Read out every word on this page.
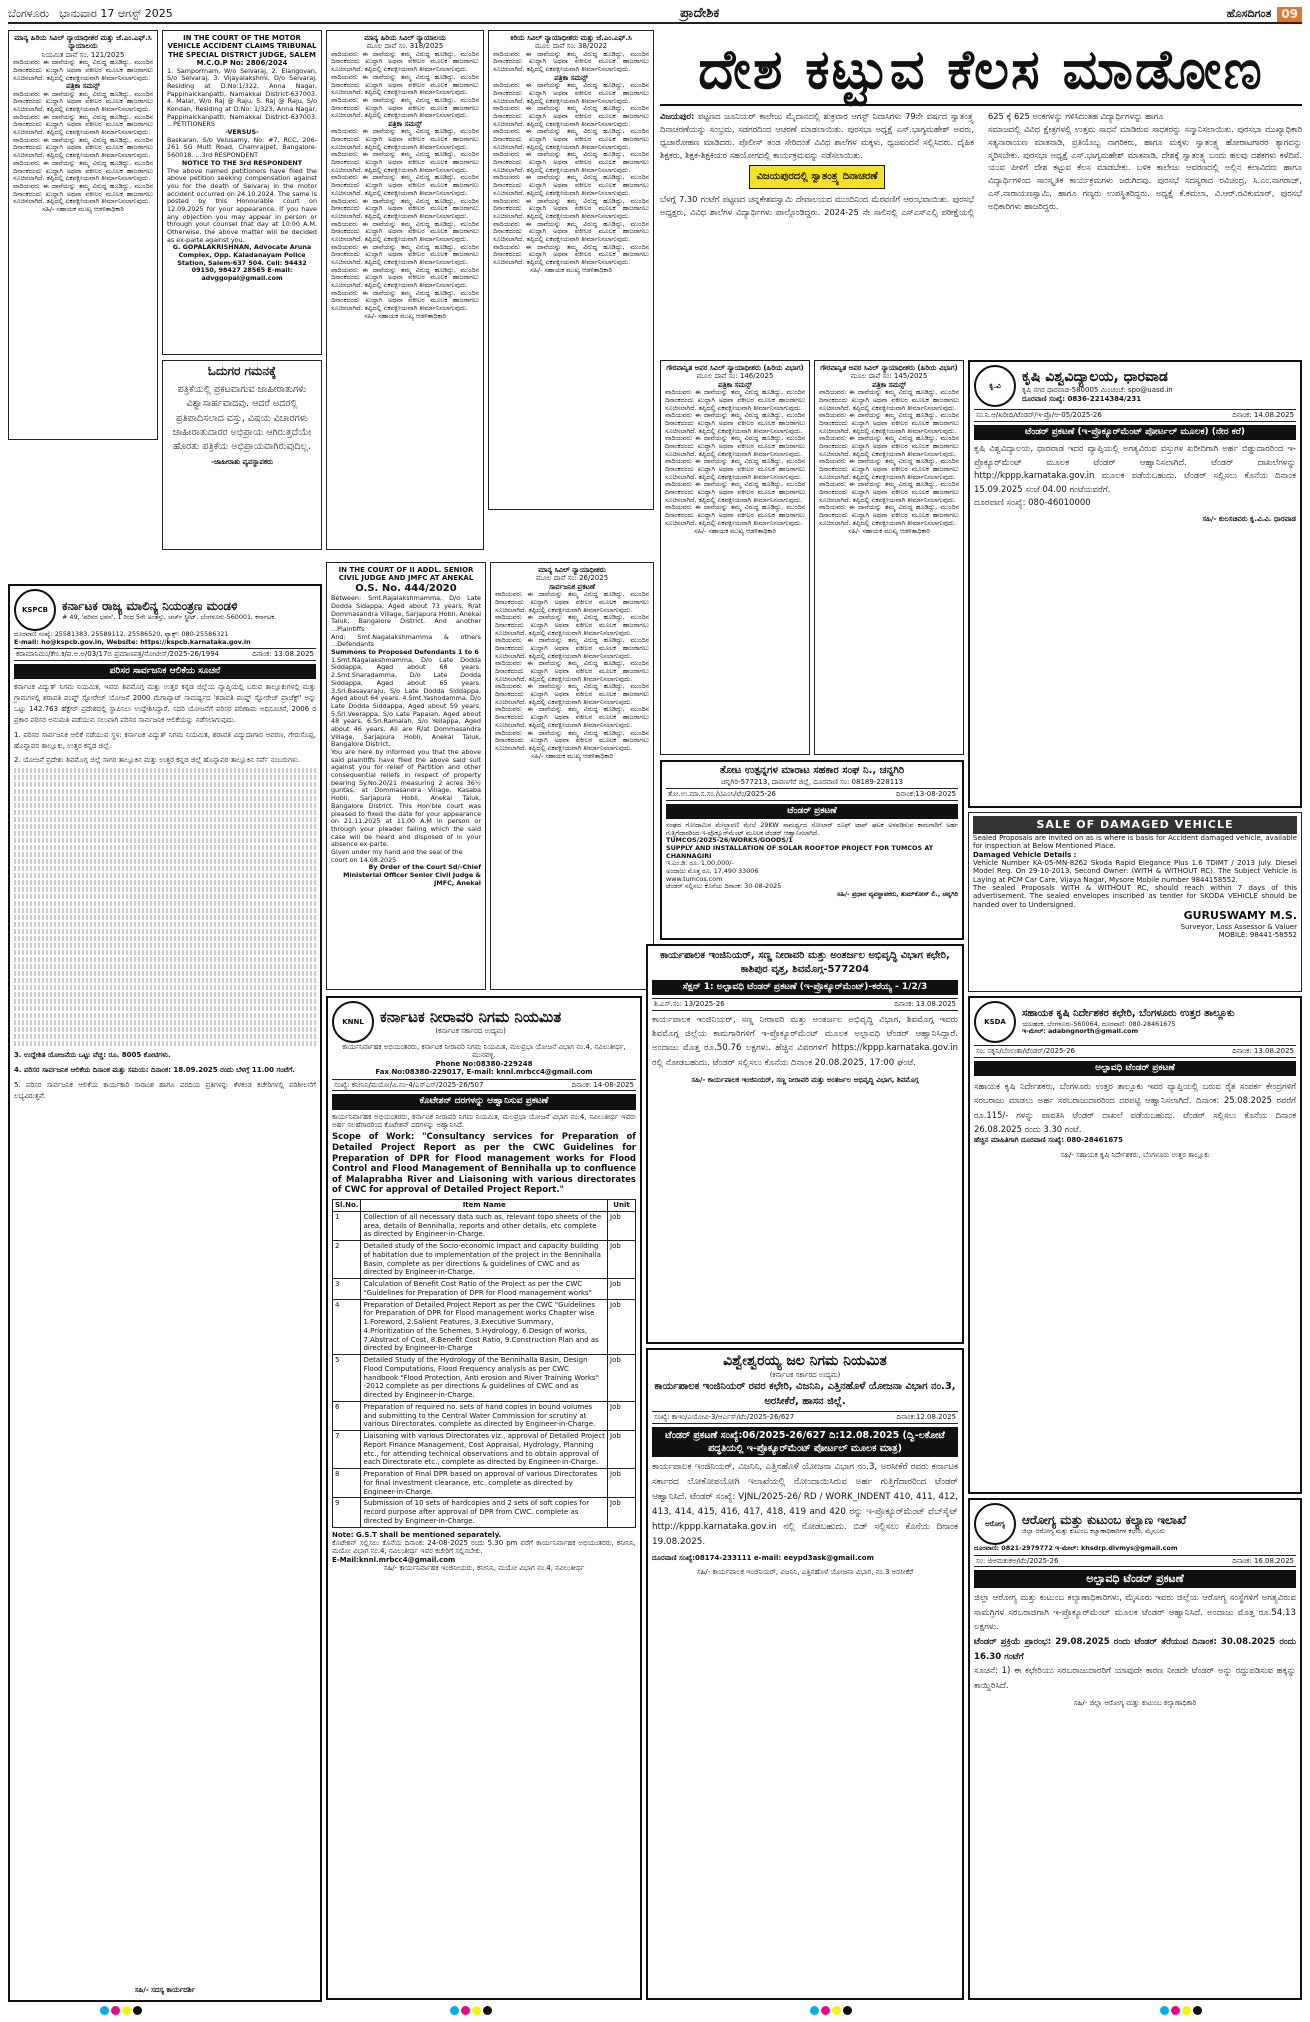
ಬೆಂಗಳೂರು ಭಾನುವಾರ 17 ಆಗಸ್ಟ್ 2025	ಪ್ರಾದೇಶಿಕ	ಹೊಸದಿಗಂತ 09
ಮಾನ್ಯ ಹಿರಿಯ ಸಿವಿಲ್ ನ್ಯಾಯಾಧೀಶರ ಮತ್ತು ಜೆ.ಎಂ.ಎಫ್.ಸಿ ನ್ಯಾಯಾಲಯ
ನಿಯಮಿತ ದಾವೆ ಸಂ. 121/2025
ವಾದಿಯವರು ಈ ದಾವೆಯನ್ನು ತಮ್ಮ ವಿರುದ್ಧ ಹೂಡಿದ್ದು, ಮುಂದಿನ ದಿನಾಂಕದಂದು ಖುದ್ದಾಗಿ ಅಥವಾ ವಕೀಲರ ಮೂಲಕ ಹಾಜರಾಗಲು ಸೂಚಿಸಲಾಗಿದೆ. ತಪ್ಪಿದಲ್ಲಿ ಏಕಪಕ್ಷೀಯವಾಗಿ ತೀರ್ಮಾನಿಸಲಾಗುವುದು.
ಪತ್ರಿಕಾ ಸಮನ್ಸ್
ವಾದಿಯವರು ಈ ದಾವೆಯನ್ನು ತಮ್ಮ ವಿರುದ್ಧ ಹೂಡಿದ್ದು, ಮುಂದಿನ ದಿನಾಂಕದಂದು ಖುದ್ದಾಗಿ ಅಥವಾ ವಕೀಲರ ಮೂಲಕ ಹಾಜರಾಗಲು ಸೂಚಿಸಲಾಗಿದೆ. ತಪ್ಪಿದಲ್ಲಿ ಏಕಪಕ್ಷೀಯವಾಗಿ ತೀರ್ಮಾನಿಸಲಾಗುವುದು.
ವಾದಿಯವರು ಈ ದಾವೆಯನ್ನು ತಮ್ಮ ವಿರುದ್ಧ ಹೂಡಿದ್ದು, ಮುಂದಿನ ದಿನಾಂಕದಂದು ಖುದ್ದಾಗಿ ಅಥವಾ ವಕೀಲರ ಮೂಲಕ ಹಾಜರಾಗಲು ಸೂಚಿಸಲಾಗಿದೆ. ತಪ್ಪಿದಲ್ಲಿ ಏಕಪಕ್ಷೀಯವಾಗಿ ತೀರ್ಮಾನಿಸಲಾಗುವುದು.
ವಾದಿಯವರು ಈ ದಾವೆಯನ್ನು ತಮ್ಮ ವಿರುದ್ಧ ಹೂಡಿದ್ದು, ಮುಂದಿನ ದಿನಾಂಕದಂದು ಖುದ್ದಾಗಿ ಅಥವಾ ವಕೀಲರ ಮೂಲಕ ಹಾಜರಾಗಲು ಸೂಚಿಸಲಾಗಿದೆ. ತಪ್ಪಿದಲ್ಲಿ ಏಕಪಕ್ಷೀಯವಾಗಿ ತೀರ್ಮಾನಿಸಲಾಗುವುದು.
ವಾದಿಯವರು ಈ ದಾವೆಯನ್ನು ತಮ್ಮ ವಿರುದ್ಧ ಹೂಡಿದ್ದು, ಮುಂದಿನ ದಿನಾಂಕದಂದು ಖುದ್ದಾಗಿ ಅಥವಾ ವಕೀಲರ ಮೂಲಕ ಹಾಜರಾಗಲು ಸೂಚಿಸಲಾಗಿದೆ. ತಪ್ಪಿದಲ್ಲಿ ಏಕಪಕ್ಷೀಯವಾಗಿ ತೀರ್ಮಾನಿಸಲಾಗುವುದು.
ವಾದಿಯವರು ಈ ದಾವೆಯನ್ನು ತಮ್ಮ ವಿರುದ್ಧ ಹೂಡಿದ್ದು, ಮುಂದಿನ ದಿನಾಂಕದಂದು ಖುದ್ದಾಗಿ ಅಥವಾ ವಕೀಲರ ಮೂಲಕ ಹಾಜರಾಗಲು ಸೂಚಿಸಲಾಗಿದೆ. ತಪ್ಪಿದಲ್ಲಿ ಏಕಪಕ್ಷೀಯವಾಗಿ ತೀರ್ಮಾನಿಸಲಾಗುವುದು.
ಸಹಿ/- ಸಹಾಯಕ ಮುಖ್ಯ ಆಡಳಿತಾಧಿಕಾರಿ
IN THE COURT OF THE MOTOR VEHICLE ACCIDENT CLAIMS TRIBUNAL THE SPECIAL DISTRICT JUDGE, SALEM
M.C.O.P No: 2806/2024
1. Samporrnam, W/o Selvaraj, 2. Elangovan, S/o Selvaraj, 3. Vijayalakshmi, D/o Selvaraj, Residing at D.No:1/322, Anna Nagar, Pappinaickanpatti, Namakkal District-637003. 4. Malar, W/o Raj @ Raju, 5. Raj @ Raju, S/o Kondan, Residing at D.No: 1/323, Anna Nagar, Pappinaickanpatti, Namakkal District-637003. ...PETITIONERS
-VERSUS-
Baskaran, S/o Velusamy, No: #7, RCC, 206-261 SG Mutt Road, Chamrajpet, Bangalore-560018. ...3rd RESPONDENT
NOTICE TO THE 3rd RESPONDENT
The above named petitioners have filed the above petition seeking compensation against you for the death of Selvaraj in the motor accident occurred on 24.10.2024. The same is posted by this Honourable court on 12.09.2025 for your appearance. If you have any objection you may appear in person or through your counsel that day at 10:00 A.M. Otherwise, the above matter will be decided as ex-parte against you.
G. GOPALAKRISHNAN, Advocate Aruna Complex, Opp. Kaladanayam Police Station, Salem-637 504. Cell: 94432 09150, 98427 28565 E-mail: advggopal@gmail.com
ಓದುಗರ ಗಮನಕ್ಕೆ
ಪತ್ರಿಕೆಯಲ್ಲಿ ಪ್ರಕಟವಾಗುವ ಜಾಹೀರಾತುಗಳು ವಿಶ್ವಾಸಾರ್ಹವಾದವು. ಆದರೆ ಅದರಲ್ಲಿ ಪ್ರತಿಪಾದಿಸಲಾದ ವಸ್ತು, ವಿಷಯ ವಿಚಾರಗಳು ಜಾಹೀರಾತುದಾರರ ಅಭಿಪ್ರಾಯ ಆಗಿರುತ್ತದೆಯೇ ಹೊರತು ಪತ್ರಿಕೆಯ ಅಭಿಪ್ರಾಯವಾಗಿರುವುದಿಲ್ಲ.
-ಜಾಹೀರಾತು ವ್ಯವಸ್ಥಾಪಕರು
ಮಾನ್ಯ ಹಿರಿಯ ಸಿವಿಲ್ ನ್ಯಾಯಾಲಯ
ಮೂಲ ದಾವೆ ಸಂ. 318/2025
ವಾದಿಯವರು ಈ ದಾವೆಯನ್ನು ತಮ್ಮ ವಿರುದ್ಧ ಹೂಡಿದ್ದು, ಮುಂದಿನ ದಿನಾಂಕದಂದು ಖುದ್ದಾಗಿ ಅಥವಾ ವಕೀಲರ ಮೂಲಕ ಹಾಜರಾಗಲು ಸೂಚಿಸಲಾಗಿದೆ. ತಪ್ಪಿದಲ್ಲಿ ಏಕಪಕ್ಷೀಯವಾಗಿ ತೀರ್ಮಾನಿಸಲಾಗುವುದು.
ವಾದಿಯವರು ಈ ದಾವೆಯನ್ನು ತಮ್ಮ ವಿರುದ್ಧ ಹೂಡಿದ್ದು, ಮುಂದಿನ ದಿನಾಂಕದಂದು ಖುದ್ದಾಗಿ ಅಥವಾ ವಕೀಲರ ಮೂಲಕ ಹಾಜರಾಗಲು ಸೂಚಿಸಲಾಗಿದೆ. ತಪ್ಪಿದಲ್ಲಿ ಏಕಪಕ್ಷೀಯವಾಗಿ ತೀರ್ಮಾನಿಸಲಾಗುವುದು.
ವಾದಿಯವರು ಈ ದಾವೆಯನ್ನು ತಮ್ಮ ವಿರುದ್ಧ ಹೂಡಿದ್ದು, ಮುಂದಿನ ದಿನಾಂಕದಂದು ಖುದ್ದಾಗಿ ಅಥವಾ ವಕೀಲರ ಮೂಲಕ ಹಾಜರಾಗಲು ಸೂಚಿಸಲಾಗಿದೆ. ತಪ್ಪಿದಲ್ಲಿ ಏಕಪಕ್ಷೀಯವಾಗಿ ತೀರ್ಮಾನಿಸಲಾಗುವುದು.
ಪತ್ರಿಕಾ ಸಮನ್ಸ್
ವಾದಿಯವರು ಈ ದಾವೆಯನ್ನು ತಮ್ಮ ವಿರುದ್ಧ ಹೂಡಿದ್ದು, ಮುಂದಿನ ದಿನಾಂಕದಂದು ಖುದ್ದಾಗಿ ಅಥವಾ ವಕೀಲರ ಮೂಲಕ ಹಾಜರಾಗಲು ಸೂಚಿಸಲಾಗಿದೆ. ತಪ್ಪಿದಲ್ಲಿ ಏಕಪಕ್ಷೀಯವಾಗಿ ತೀರ್ಮಾನಿಸಲಾಗುವುದು.
ವಾದಿಯವರು ಈ ದಾವೆಯನ್ನು ತಮ್ಮ ವಿರುದ್ಧ ಹೂಡಿದ್ದು, ಮುಂದಿನ ದಿನಾಂಕದಂದು ಖುದ್ದಾಗಿ ಅಥವಾ ವಕೀಲರ ಮೂಲಕ ಹಾಜರಾಗಲು ಸೂಚಿಸಲಾಗಿದೆ. ತಪ್ಪಿದಲ್ಲಿ ಏಕಪಕ್ಷೀಯವಾಗಿ ತೀರ್ಮಾನಿಸಲಾಗುವುದು.
ವಾದಿಯವರು ಈ ದಾವೆಯನ್ನು ತಮ್ಮ ವಿರುದ್ಧ ಹೂಡಿದ್ದು, ಮುಂದಿನ ದಿನಾಂಕದಂದು ಖುದ್ದಾಗಿ ಅಥವಾ ವಕೀಲರ ಮೂಲಕ ಹಾಜರಾಗಲು ಸೂಚಿಸಲಾಗಿದೆ. ತಪ್ಪಿದಲ್ಲಿ ಏಕಪಕ್ಷೀಯವಾಗಿ ತೀರ್ಮಾನಿಸಲಾಗುವುದು.
ವಾದಿಯವರು ಈ ದಾವೆಯನ್ನು ತಮ್ಮ ವಿರುದ್ಧ ಹೂಡಿದ್ದು, ಮುಂದಿನ ದಿನಾಂಕದಂದು ಖುದ್ದಾಗಿ ಅಥವಾ ವಕೀಲರ ಮೂಲಕ ಹಾಜರಾಗಲು ಸೂಚಿಸಲಾಗಿದೆ. ತಪ್ಪಿದಲ್ಲಿ ಏಕಪಕ್ಷೀಯವಾಗಿ ತೀರ್ಮಾನಿಸಲಾಗುವುದು.
ವಾದಿಯವರು ಈ ದಾವೆಯನ್ನು ತಮ್ಮ ವಿರುದ್ಧ ಹೂಡಿದ್ದು, ಮುಂದಿನ ದಿನಾಂಕದಂದು ಖುದ್ದಾಗಿ ಅಥವಾ ವಕೀಲರ ಮೂಲಕ ಹಾಜರಾಗಲು ಸೂಚಿಸಲಾಗಿದೆ. ತಪ್ಪಿದಲ್ಲಿ ಏಕಪಕ್ಷೀಯವಾಗಿ ತೀರ್ಮಾನಿಸಲಾಗುವುದು.
ವಾದಿಯವರು ಈ ದಾವೆಯನ್ನು ತಮ್ಮ ವಿರುದ್ಧ ಹೂಡಿದ್ದು, ಮುಂದಿನ ದಿನಾಂಕದಂದು ಖುದ್ದಾಗಿ ಅಥವಾ ವಕೀಲರ ಮೂಲಕ ಹಾಜರಾಗಲು ಸೂಚಿಸಲಾಗಿದೆ. ತಪ್ಪಿದಲ್ಲಿ ಏಕಪಕ್ಷೀಯವಾಗಿ ತೀರ್ಮಾನಿಸಲಾಗುವುದು.
ವಾದಿಯವರು ಈ ದಾವೆಯನ್ನು ತಮ್ಮ ವಿರುದ್ಧ ಹೂಡಿದ್ದು, ಮುಂದಿನ ದಿನಾಂಕದಂದು ಖುದ್ದಾಗಿ ಅಥವಾ ವಕೀಲರ ಮೂಲಕ ಹಾಜರಾಗಲು ಸೂಚಿಸಲಾಗಿದೆ. ತಪ್ಪಿದಲ್ಲಿ ಏಕಪಕ್ಷೀಯವಾಗಿ ತೀರ್ಮಾನಿಸಲಾಗುವುದು.
ವಾದಿಯವರು ಈ ದಾವೆಯನ್ನು ತಮ್ಮ ವಿರುದ್ಧ ಹೂಡಿದ್ದು, ಮುಂದಿನ ದಿನಾಂಕದಂದು ಖುದ್ದಾಗಿ ಅಥವಾ ವಕೀಲರ ಮೂಲಕ ಹಾಜರಾಗಲು ಸೂಚಿಸಲಾಗಿದೆ. ತಪ್ಪಿದಲ್ಲಿ ಏಕಪಕ್ಷೀಯವಾಗಿ ತೀರ್ಮಾನಿಸಲಾಗುವುದು.
ಸಹಿ/- ಸಹಾಯಕ ಮುಖ್ಯ ಆಡಳಿತಾಧಿಕಾರಿ
ಕಿರಿಯ ಸಿವಿಲ್ ನ್ಯಾಯಾಧೀಶರು ಮತ್ತು ಜೆ.ಎಂ.ಎಫ್.ಸಿ
ಮೂಲ ದಾವೆ ಸಂ. 38/2022
ವಾದಿಯವರು ಈ ದಾವೆಯನ್ನು ತಮ್ಮ ವಿರುದ್ಧ ಹೂಡಿದ್ದು, ಮುಂದಿನ ದಿನಾಂಕದಂದು ಖುದ್ದಾಗಿ ಅಥವಾ ವಕೀಲರ ಮೂಲಕ ಹಾಜರಾಗಲು ಸೂಚಿಸಲಾಗಿದೆ. ತಪ್ಪಿದಲ್ಲಿ ಏಕಪಕ್ಷೀಯವಾಗಿ ತೀರ್ಮಾನಿಸಲಾಗುವುದು.
ಪತ್ರಿಕಾ ಸಮನ್ಸ್
ವಾದಿಯವರು ಈ ದಾವೆಯನ್ನು ತಮ್ಮ ವಿರುದ್ಧ ಹೂಡಿದ್ದು, ಮುಂದಿನ ದಿನಾಂಕದಂದು ಖುದ್ದಾಗಿ ಅಥವಾ ವಕೀಲರ ಮೂಲಕ ಹಾಜರಾಗಲು ಸೂಚಿಸಲಾಗಿದೆ. ತಪ್ಪಿದಲ್ಲಿ ಏಕಪಕ್ಷೀಯವಾಗಿ ತೀರ್ಮಾನಿಸಲಾಗುವುದು.
ವಾದಿಯವರು ಈ ದಾವೆಯನ್ನು ತಮ್ಮ ವಿರುದ್ಧ ಹೂಡಿದ್ದು, ಮುಂದಿನ ದಿನಾಂಕದಂದು ಖುದ್ದಾಗಿ ಅಥವಾ ವಕೀಲರ ಮೂಲಕ ಹಾಜರಾಗಲು ಸೂಚಿಸಲಾಗಿದೆ. ತಪ್ಪಿದಲ್ಲಿ ಏಕಪಕ್ಷೀಯವಾಗಿ ತೀರ್ಮಾನಿಸಲಾಗುವುದು.
ವಾದಿಯವರು ಈ ದಾವೆಯನ್ನು ತಮ್ಮ ವಿರುದ್ಧ ಹೂಡಿದ್ದು, ಮುಂದಿನ ದಿನಾಂಕದಂದು ಖುದ್ದಾಗಿ ಅಥವಾ ವಕೀಲರ ಮೂಲಕ ಹಾಜರಾಗಲು ಸೂಚಿಸಲಾಗಿದೆ. ತಪ್ಪಿದಲ್ಲಿ ಏಕಪಕ್ಷೀಯವಾಗಿ ತೀರ್ಮಾನಿಸಲಾಗುವುದು.
ವಾದಿಯವರು ಈ ದಾವೆಯನ್ನು ತಮ್ಮ ವಿರುದ್ಧ ಹೂಡಿದ್ದು, ಮುಂದಿನ ದಿನಾಂಕದಂದು ಖುದ್ದಾಗಿ ಅಥವಾ ವಕೀಲರ ಮೂಲಕ ಹಾಜರಾಗಲು ಸೂಚಿಸಲಾಗಿದೆ. ತಪ್ಪಿದಲ್ಲಿ ಏಕಪಕ್ಷೀಯವಾಗಿ ತೀರ್ಮಾನಿಸಲಾಗುವುದು.
ವಾದಿಯವರು ಈ ದಾವೆಯನ್ನು ತಮ್ಮ ವಿರುದ್ಧ ಹೂಡಿದ್ದು, ಮುಂದಿನ ದಿನಾಂಕದಂದು ಖುದ್ದಾಗಿ ಅಥವಾ ವಕೀಲರ ಮೂಲಕ ಹಾಜರಾಗಲು ಸೂಚಿಸಲಾಗಿದೆ. ತಪ್ಪಿದಲ್ಲಿ ಏಕಪಕ್ಷೀಯವಾಗಿ ತೀರ್ಮಾನಿಸಲಾಗುವುದು.
ವಾದಿಯವರು ಈ ದಾವೆಯನ್ನು ತಮ್ಮ ವಿರುದ್ಧ ಹೂಡಿದ್ದು, ಮುಂದಿನ ದಿನಾಂಕದಂದು ಖುದ್ದಾಗಿ ಅಥವಾ ವಕೀಲರ ಮೂಲಕ ಹಾಜರಾಗಲು ಸೂಚಿಸಲಾಗಿದೆ. ತಪ್ಪಿದಲ್ಲಿ ಏಕಪಕ್ಷೀಯವಾಗಿ ತೀರ್ಮಾನಿಸಲಾಗುವುದು.
ವಾದಿಯವರು ಈ ದಾವೆಯನ್ನು ತಮ್ಮ ವಿರುದ್ಧ ಹೂಡಿದ್ದು, ಮುಂದಿನ ದಿನಾಂಕದಂದು ಖುದ್ದಾಗಿ ಅಥವಾ ವಕೀಲರ ಮೂಲಕ ಹಾಜರಾಗಲು ಸೂಚಿಸಲಾಗಿದೆ. ತಪ್ಪಿದಲ್ಲಿ ಏಕಪಕ್ಷೀಯವಾಗಿ ತೀರ್ಮಾನಿಸಲಾಗುವುದು.
ವಾದಿಯವರು ಈ ದಾವೆಯನ್ನು ತಮ್ಮ ವಿರುದ್ಧ ಹೂಡಿದ್ದು, ಮುಂದಿನ ದಿನಾಂಕದಂದು ಖುದ್ದಾಗಿ ಅಥವಾ ವಕೀಲರ ಮೂಲಕ ಹಾಜರಾಗಲು ಸೂಚಿಸಲಾಗಿದೆ. ತಪ್ಪಿದಲ್ಲಿ ಏಕಪಕ್ಷೀಯವಾಗಿ ತೀರ್ಮಾನಿಸಲಾಗುವುದು.
ಸಹಿ/- ಸಹಾಯಕ ಮುಖ್ಯ ಆಡಳಿತಾಧಿಕಾರಿ
ದೇಶ ಕಟ್ಟುವ ಕೆಲಸ ಮಾಡೋಣ

ವಿಜಯಪುರ: ಪಟ್ಟಣದ ಜೂನಿಯರ್ ಕಾಲೇಜು ಮೈದಾನದಲ್ಲಿ ಶುಕ್ರವಾರ ಆಗಸ್ಟ್ ನಿವಾಸಿಗಳು 79ನೇ ವರ್ಷದ ಸ್ವಾತಂತ್ರ್ಯ ದಿನಾಚರಣೆಯನ್ನು ಸಂಭ್ರಮ, ಸಡಗರದಿಂದ ಆಚರಣೆ ಮಾಡಲಾಯಿತು. ಪುರಸಭಾ ಅಧ್ಯಕ್ಷೆ ಎಸ್.ಭಾಗ್ಯಮಹೇಶ್ ಅವರು, ಧ್ವಜಾರೋಹಣ ಮಾಡಿದರು. ಪೊಲೀಸ್ ತಂಡ ಸೇರಿದಂತೆ ವಿವಿಧ ಶಾಲೆಗಳ ಮಕ್ಕಳು, ಧ್ವಜವಂದನೆ ಸಲ್ಲಿಸಿದರು. ದೈಹಿಕ ಶಿಕ್ಷಕರು, ಶಿಕ್ಷಕ-ಶಿಕ್ಷಕಿಯರ ಸಹಯೋಗದಲ್ಲಿ ಕಾರ್ಯಕ್ರಮವನ್ನು ನಡೆಸಲಾಯಿತು.

ವಿಜಯಪುರದಲ್ಲಿ ಸ್ವಾತಂತ್ರ್ಯ ದಿನಾಚರಣೆ

ಬೆಳಗ್ಗೆ 7.30 ಗಂಟೆಗೆ ಪಟ್ಟಣದ ಚನ್ನಕೇಶವಸ್ವಾಮಿ ದೇವಾಲಯದ ಮುಂದಿನಿಂದ ಮೆರವಣಿಗೆ ಆರಂಭವಾಯಿತು. ಪುರಸಭೆ ಅಧ್ಯಕ್ಷರು, ವಿವಿಧ ಶಾಲೆಗಳ ವಿದ್ಯಾರ್ಥಿಗಳು ಪಾಲ್ಗೊಂಡಿದ್ದರು. 2024-25 ನೇ ಸಾಲಿನಲ್ಲಿ ಎಸ್ಎಸ್ಎಲ್ಸಿ ಪರೀಕ್ಷೆಯಲ್ಲಿ 625 ಕ್ಕೆ 625 ಅಂಕಗಳನ್ನು ಗಳಿಸಿದಂತಹ ವಿದ್ಯಾರ್ಥಿಗಳನ್ನು ಹಾಗೂ

ಸಮಾಜದಲ್ಲಿ ವಿವಿಧ ಕ್ಷೇತ್ರಗಳಲ್ಲಿ ಉತ್ತಮ ಸಾಧನೆ ಮಾಡಿರುವ ಸಾಧಕರನ್ನು ಸನ್ಮಾನಿಸಲಾಯಿತು. ಪುರಸಭಾ ಮುಖ್ಯಾಧಿಕಾರಿ ಸತ್ಯನಾರಾಯಣ ಮಾತನಾಡಿ, ಪ್ರತಿಯೊಬ್ಬ ನಾಗರಿಕರು, ಹಾಗೂ ಮಕ್ಕಳು ಸ್ವಾತಂತ್ರ್ಯ ಹೋರಾಟಗಾರರ ತ್ಯಾಗವನ್ನು ಸ್ಮರಿಸಬೇಕು. ಪುರಸಭಾ ಅಧ್ಯಕ್ಷೆ ಎಸ್.ಭಾಗ್ಯಮಹೇಶ್ ಮಾತನಾಡಿ, ದೇಶಕ್ಕೆ ಸ್ವಾತಂತ್ರ್ಯ ಬಂದು ಹಲವು ದಶಕಗಳು ಕಳೆದಿವೆ. ಯುವ ಪೀಳಿಗೆ ದೇಶ ಕಟ್ಟುವ ಕೆಲಸ ಮಾಡಬೇಕು. ಬಳಿಕ ಕಾಲೇಜು ಆವರಣದಲ್ಲಿ ಅಲ್ಲಿನ ಕಲಾವಿದರು ಹಾಗೂ ವಿದ್ಯಾರ್ಥಿಗಳಿಂದ ಸಾಂಸ್ಕೃತಿಕ ಕಾರ್ಯಕ್ರಮಗಳು ಜರುಗಿದವು. ಪುರಸಭೆ ಸದಸ್ಯರಾದ ರವಿಚಂದ್ರ, ಸಿ.ಎಂ.ನಾಗರಾಜ್, ಎಸ್.ನಾರಾಯಣಸ್ವಾಮಿ, ಹಾಗೂ ಗಣ್ಯರು ಉಪಸ್ಥಿತರಿದ್ದರು. ಅಧ್ಯಕ್ಷೆ ಕೆ.ಕಮಲಾ, ವಿ.ಆರ್.ರವಿಕುಮಾರ್, ಪುರಸಭೆ ಅಧಿಕಾರಿಗಳು ಹಾಜರಿದ್ದರು.

ಗೌರವಾನ್ವಿತ ಅಪರ ಸಿವಿಲ್ ನ್ಯಾಯಾಧೀಶರು (ಹಿರಿಯ ವಿಭಾಗ)
ಮೂಲ ದಾವೆ ಸಂ: 146/2025
ಪತ್ರಿಕಾ ಸಮನ್ಸ್
ವಾದಿಯವರು ಈ ದಾವೆಯನ್ನು ತಮ್ಮ ವಿರುದ್ಧ ಹೂಡಿದ್ದು, ಮುಂದಿನ ದಿನಾಂಕದಂದು ಖುದ್ದಾಗಿ ಅಥವಾ ವಕೀಲರ ಮೂಲಕ ಹಾಜರಾಗಲು ಸೂಚಿಸಲಾಗಿದೆ. ತಪ್ಪಿದಲ್ಲಿ ಏಕಪಕ್ಷೀಯವಾಗಿ ತೀರ್ಮಾನಿಸಲಾಗುವುದು.
ವಾದಿಯವರು ಈ ದಾವೆಯನ್ನು ತಮ್ಮ ವಿರುದ್ಧ ಹೂಡಿದ್ದು, ಮುಂದಿನ ದಿನಾಂಕದಂದು ಖುದ್ದಾಗಿ ಅಥವಾ ವಕೀಲರ ಮೂಲಕ ಹಾಜರಾಗಲು ಸೂಚಿಸಲಾಗಿದೆ. ತಪ್ಪಿದಲ್ಲಿ ಏಕಪಕ್ಷೀಯವಾಗಿ ತೀರ್ಮಾನಿಸಲಾಗುವುದು.
ವಾದಿಯವರು ಈ ದಾವೆಯನ್ನು ತಮ್ಮ ವಿರುದ್ಧ ಹೂಡಿದ್ದು, ಮುಂದಿನ ದಿನಾಂಕದಂದು ಖುದ್ದಾಗಿ ಅಥವಾ ವಕೀಲರ ಮೂಲಕ ಹಾಜರಾಗಲು ಸೂಚಿಸಲಾಗಿದೆ. ತಪ್ಪಿದಲ್ಲಿ ಏಕಪಕ್ಷೀಯವಾಗಿ ತೀರ್ಮಾನಿಸಲಾಗುವುದು.
ವಾದಿಯವರು ಈ ದಾವೆಯನ್ನು ತಮ್ಮ ವಿರುದ್ಧ ಹೂಡಿದ್ದು, ಮುಂದಿನ ದಿನಾಂಕದಂದು ಖುದ್ದಾಗಿ ಅಥವಾ ವಕೀಲರ ಮೂಲಕ ಹಾಜರಾಗಲು ಸೂಚಿಸಲಾಗಿದೆ. ತಪ್ಪಿದಲ್ಲಿ ಏಕಪಕ್ಷೀಯವಾಗಿ ತೀರ್ಮಾನಿಸಲಾಗುವುದು.
ವಾದಿಯವರು ಈ ದಾವೆಯನ್ನು ತಮ್ಮ ವಿರುದ್ಧ ಹೂಡಿದ್ದು, ಮುಂದಿನ ದಿನಾಂಕದಂದು ಖುದ್ದಾಗಿ ಅಥವಾ ವಕೀಲರ ಮೂಲಕ ಹಾಜರಾಗಲು ಸೂಚಿಸಲಾಗಿದೆ. ತಪ್ಪಿದಲ್ಲಿ ಏಕಪಕ್ಷೀಯವಾಗಿ ತೀರ್ಮಾನಿಸಲಾಗುವುದು.
ವಾದಿಯವರು ಈ ದಾವೆಯನ್ನು ತಮ್ಮ ವಿರುದ್ಧ ಹೂಡಿದ್ದು, ಮುಂದಿನ ದಿನಾಂಕದಂದು ಖುದ್ದಾಗಿ ಅಥವಾ ವಕೀಲರ ಮೂಲಕ ಹಾಜರಾಗಲು ಸೂಚಿಸಲಾಗಿದೆ. ತಪ್ಪಿದಲ್ಲಿ ಏಕಪಕ್ಷೀಯವಾಗಿ ತೀರ್ಮಾನಿಸಲಾಗುವುದು.
ಸಹಿ/- ಸಹಾಯಕ ಮುಖ್ಯ ಆಡಳಿತಾಧಿಕಾರಿ
ಗೌರವಾನ್ವಿತ ಅಪರ ಸಿವಿಲ್ ನ್ಯಾಯಾಧೀಶರು (ಹಿರಿಯ ವಿಭಾಗ)
ಮೂಲ ದಾವೆ ಸಂ: 145/2025
ಪತ್ರಿಕಾ ಸಮನ್ಸ್
ವಾದಿಯವರು ಈ ದಾವೆಯನ್ನು ತಮ್ಮ ವಿರುದ್ಧ ಹೂಡಿದ್ದು, ಮುಂದಿನ ದಿನಾಂಕದಂದು ಖುದ್ದಾಗಿ ಅಥವಾ ವಕೀಲರ ಮೂಲಕ ಹಾಜರಾಗಲು ಸೂಚಿಸಲಾಗಿದೆ. ತಪ್ಪಿದಲ್ಲಿ ಏಕಪಕ್ಷೀಯವಾಗಿ ತೀರ್ಮಾನಿಸಲಾಗುವುದು.
ವಾದಿಯವರು ಈ ದಾವೆಯನ್ನು ತಮ್ಮ ವಿರುದ್ಧ ಹೂಡಿದ್ದು, ಮುಂದಿನ ದಿನಾಂಕದಂದು ಖುದ್ದಾಗಿ ಅಥವಾ ವಕೀಲರ ಮೂಲಕ ಹಾಜರಾಗಲು ಸೂಚಿಸಲಾಗಿದೆ. ತಪ್ಪಿದಲ್ಲಿ ಏಕಪಕ್ಷೀಯವಾಗಿ ತೀರ್ಮಾನಿಸಲಾಗುವುದು.
ವಾದಿಯವರು ಈ ದಾವೆಯನ್ನು ತಮ್ಮ ವಿರುದ್ಧ ಹೂಡಿದ್ದು, ಮುಂದಿನ ದಿನಾಂಕದಂದು ಖುದ್ದಾಗಿ ಅಥವಾ ವಕೀಲರ ಮೂಲಕ ಹಾಜರಾಗಲು ಸೂಚಿಸಲಾಗಿದೆ. ತಪ್ಪಿದಲ್ಲಿ ಏಕಪಕ್ಷೀಯವಾಗಿ ತೀರ್ಮಾನಿಸಲಾಗುವುದು.
ವಾದಿಯವರು ಈ ದಾವೆಯನ್ನು ತಮ್ಮ ವಿರುದ್ಧ ಹೂಡಿದ್ದು, ಮುಂದಿನ ದಿನಾಂಕದಂದು ಖುದ್ದಾಗಿ ಅಥವಾ ವಕೀಲರ ಮೂಲಕ ಹಾಜರಾಗಲು ಸೂಚಿಸಲಾಗಿದೆ. ತಪ್ಪಿದಲ್ಲಿ ಏಕಪಕ್ಷೀಯವಾಗಿ ತೀರ್ಮಾನಿಸಲಾಗುವುದು.
ವಾದಿಯವರು ಈ ದಾವೆಯನ್ನು ತಮ್ಮ ವಿರುದ್ಧ ಹೂಡಿದ್ದು, ಮುಂದಿನ ದಿನಾಂಕದಂದು ಖುದ್ದಾಗಿ ಅಥವಾ ವಕೀಲರ ಮೂಲಕ ಹಾಜರಾಗಲು ಸೂಚಿಸಲಾಗಿದೆ. ತಪ್ಪಿದಲ್ಲಿ ಏಕಪಕ್ಷೀಯವಾಗಿ ತೀರ್ಮಾನಿಸಲಾಗುವುದು.
ವಾದಿಯವರು ಈ ದಾವೆಯನ್ನು ತಮ್ಮ ವಿರುದ್ಧ ಹೂಡಿದ್ದು, ಮುಂದಿನ ದಿನಾಂಕದಂದು ಖುದ್ದಾಗಿ ಅಥವಾ ವಕೀಲರ ಮೂಲಕ ಹಾಜರಾಗಲು ಸೂಚಿಸಲಾಗಿದೆ. ತಪ್ಪಿದಲ್ಲಿ ಏಕಪಕ್ಷೀಯವಾಗಿ ತೀರ್ಮಾನಿಸಲಾಗುವುದು.
ಸಹಿ/- ಸಹಾಯಕ ಮುಖ್ಯ ಆಡಳಿತಾಧಿಕಾರಿ
ಕೃ.ವಿ
ಕೃಷಿ ವಿಶ್ವವಿದ್ಯಾಲಯ, ಧಾರವಾಡ
ಕೃಷಿ ನಗರ ಧಾರವಾಡ-580005 ಮಿಂಚಂಚೆ: spo@uasd.in
ದೂರವಾಣಿ ಸಂಖ್ಯೆ: 0836-2214384/231
ಸಂ.ನಿ.ಆ/ಖರೀದಿ/ಟೆಂಡರ್/ಇ-ಪ್ರೊ/ಆ-05/2025-26	ದಿನಾಂಕ: 14.08.2025
ಟೆಂಡರ್ ಪ್ರಕಟಣೆ (ಇ-ಪ್ರೊಕ್ಯೂರ್‌ಮೆಂಟ್ ಪೋರ್ಟಲ್ ಮೂಲಕ) (ನೇರ ಕರೆ)
ಕೃಷಿ ವಿಶ್ವವಿದ್ಯಾಲಯ, ಧಾರವಾಡ ಇದರ ವ್ಯಾಪ್ತಿಯಲ್ಲಿ ಅಗತ್ಯವಿರುವ ವಸ್ತುಗಳ ಖರೀದಿಗಾಗಿ ಅರ್ಹ ಬಿಡ್ಡುದಾರರಿಂದ ಇ-ಪ್ರೊಕ್ಯೂರ್‌ಮೆಂಟ್ ಮೂಲಕ ಟೆಂಡರ್ ಆಹ್ವಾನಿಸಲಾಗಿದೆ. ಟೆಂಡರ್ ದಾಖಲೆಗಳನ್ನು http://kppp.karnataka.gov.in ಮೂಲಕ ಪಡೆಯಬಹುದು. ಟೆಂಡರ್ ಸಲ್ಲಿಸಲು ಕೊನೆಯ ದಿನಾಂಕ 15.09.2025 ಸಂಜೆ 04.00 ಗಂಟೆಯವರೆಗೆ.
ದೂರವಾಣಿ ಸಂಖ್ಯೆ: 080-46010000
ಸಹಿ/- ಕುಲಸಚಿವರು ಕೃ.ವಿ.ವಿ. ಧಾರವಾಡ
SALE OF DAMAGED VEHICLE
Sealed Proposals are invited on as is where is basis for Accident damaged vehicle, available for inspection at Below Mentioned Place.
Damaged Vehicle Details :
Vehicle Number KA-05-MN-8262 Skoda Rapid Elegance Plus 1.6 TDIMT / 2013 July. Diesel Model Reg. On 29-10-2013, Second Owner: (WITH & WITHOUT RC). The Subject Vehicle is Laying at PCM Car Care, Vijaya Nagar, Mysore Mobile number 9844158552.
The sealed Proposals WITH & WITHOUT RC, should reach within 7 days of this advertisement. The sealed envelopes inscribed as tender for SKODA VEHICLE should be handed over to Undersigned.
GURUSWAMY M.S.
Surveyor, Loss Assessor & Valuer
MOBILE: 98441-58552
KSPCB	ಕರ್ನಾಟಕ ರಾಜ್ಯ ಮಾಲಿನ್ಯ ನಿಯಂತ್ರಣ ಮಂಡಳಿ
# 49, 'ಪರಿಸರ ಭವನ', 1 ರಿಂದ 5ನೇ ಅಂತಸ್ತು, ಚರ್ಚ್ ಸ್ಟ್ರೀಟ್, ಬೆಂಗಳೂರು-560001, ಕರ್ನಾಟಕ.
ದೂರವಾಣಿ ಸಂಖ್ಯೆ: 25581383, 25589112, 25586520, ಫ್ಯಾಕ್ಸ್: 080-25586321
E-mail: ho@kspcb.gov.in, Website: https://kspcb.karnataka.gov.in
ಕರಾಮಾನಿಮಂ/ಕೇಂ.ಕ/ಪ.ಅ.ಅ/03/17ಬಿ ಪ್ರಮಾಣಪತ್ರ/ನೋಟೀಸ್/2025-26/1994	ದಿನಾಂಕ: 13.08.2025
ಪರಿಸರ ಸಾರ್ವಜನಿಕ ಆಲಿಕೆಯ ಸೂಚನೆ
ಕರ್ನಾಟಕ ವಿದ್ಯುತ್ ನಿಗಮ ನಿಯಮಿತ, ಇವರು ಶಿವಮೊಗ್ಗ ಮತ್ತು ಉತ್ತರ ಕನ್ನಡ ಜಿಲ್ಲೆಯ ವ್ಯಾಪ್ತಿಯಲ್ಲಿ ಬರುವ ತಾಲ್ಲೂಕುಗಳಲ್ಲಿ ಮತ್ತು ಗ್ರಾಮಗಳಲ್ಲಿ ಶರಾವತಿ ಪಂಪ್ಡ್ ಸ್ಟೋರೇಜ್ ಯೋಜನೆ 2000 ಮೆಗಾವ್ಯಾಟ್ ಸಾಮರ್ಥ್ಯದ 'ಶರಾವತಿ ಪಂಪ್ಡ್ ಸ್ಟೋರೇಜ್ ಪ್ರಾಜೆಕ್ಟ್' ಅನ್ನು ಒಟ್ಟು 142.763 ಹೆಕ್ಟೇರ್ ಪ್ರದೇಶದಲ್ಲಿ ಸ್ಥಾಪಿಸಲು ಉದ್ದೇಶಿಸಿದ್ದಾರೆ. ಸದರಿ ಯೋಜನೆಗೆ ಪರಿಸರ ಪರಿಣಾಮ ಅಧಿಸೂಚನೆ, 2006 ರ ಪ್ರಕಾರ ಪರಿಸರ ಅನುಮತಿ ಪಡೆಯುವ ಸಲುವಾಗಿ ಪರಿಸರ ಸಾರ್ವಜನಿಕ ಆಲಿಕೆಯನ್ನು ನಡೆಸಲಾಗುವುದು.
1. ಪರಿಸರ ಸಾರ್ವಜನಿಕ ಆಲಿಕೆ ನಡೆಯುವ ಸ್ಥಳ: ಕರ್ನಾಟಕ ವಿದ್ಯುತ್ ನಿಗಮ ನಿಯಮಿತ, ಶರಾವತಿ ವಿದ್ಯುದಾಗಾರ ಆವರಣ, ಗೇರುಸೊಪ್ಪ, ಹೊನ್ನಾವರ ತಾಲ್ಲೂಕು, ಉತ್ತರ ಕನ್ನಡ ಜಿಲ್ಲೆ.
2. ಯೋಜನೆ ಪ್ರದೇಶ: ಶಿವಮೊಗ್ಗ ಜಿಲ್ಲೆ ಸಾಗರ ತಾಲ್ಲೂಕಿನ ಮತ್ತು ಉತ್ತರ ಕನ್ನಡ ಜಿಲ್ಲೆ ಹೊನ್ನಾವರ ತಾಲ್ಲೂಕಿನ ಸರ್ವೆ ನಂಬರುಗಳು.
3. ಉದ್ದೇಶಿತ ಯೋಜನೆಯ ಒಟ್ಟು ವೆಚ್ಚ: ರೂ. 8005 ಕೋಟಿಗಳು.
4. ಪರಿಸರ ಸಾರ್ವಜನಿಕ ಆಲಿಕೆಯ ದಿನಾಂಕ ಮತ್ತು ಸಮಯ: ದಿನಾಂಕ: 18.09.2025 ರಂದು ಬೆಳಗ್ಗೆ 11.00 ಗಂಟೆಗೆ.
5. ಪರಿಸರ ಸಾರ್ವಜನಿಕ ಆಲಿಕೆಯ ಕಾರ್ಯಕಾರಿ ಸಾರಾಂಶ ಹಾಗೂ ವರದಿಯ ಪ್ರತಿಗಳನ್ನು ಕೆಳಕಂಡ ಕಚೇರಿಗಳಲ್ಲಿ ಪರಿಶೀಲನೆಗೆ ಲಭ್ಯವಿರುತ್ತವೆ.
ಸಹಿ/- ಸದಸ್ಯ ಕಾರ್ಯದರ್ಶಿ
IN THE COURT OF II ADDL. SENIOR CIVIL JUDGE AND JMFC AT ANEKAL
O.S. No. 444/2020
Between: Smt.Rajalakshmamma, D/o Late Dodda Sidappa, Aged about 73 years, R/at Dommasandra Village, Sarjapura Hobli, Anekal Taluk, Bangalore District. And another ...Plaintiffs
And: Smt.Nagalakshmamma & others ...Defendants
Summons to Proposed Defendants 1 to 6
1.Smt.Nagalakshmamma, D/o Late Dodda Siddappa, Aged about 68 years. 2.Smt.Sharadamma, D/o Late Dodda Siddappa, Aged about 65 years. 3.Sri.Basavaraju, S/o Late Dodda Siddappa, Aged about 64 years. 4.Smt.Yashodamma, D/o Late Dodda Siddappa, Aged about 59 years. 5.Sri.Veerappa, S/o Late Papaiah, Aged about 48 years. 6.Sri.Ramaiah, S/o Yellappa, Aged about 46 years. All are R/at Dommasandra Village, Sarjapura Hobli, Anekal Taluk, Bangalore District.
You are here by informed you that the above said plaintiffs have filed the above said suit against you for relief of Partition and other consequential reliefs in respect of property bearing Sy.No.20/21 measuring 2 acres 36½ guntas, at Dommasandra Village, Kasaba Hobli, Sarjapura Hobli, Anekal Taluk, Bangalore District. This Hon'ble court was pleased to fixed the date for your appearance on 21.11.2025 at 11.00 A.M in person or through your pleader failing which the said case will be heard and disposed of in your absence ex-parte.
Given under my hand and the seal of the court on 14.08.2025
By Order of the Court Sd/-Chief Ministerial Officer Senior Civil Judge & JMFC, Anekal
ಮಾನ್ಯ ಸಿವಿಲ್ ನ್ಯಾಯಾಧೀಶರು
ಮೂಲ ದಾವೆ ಸಂ: 26/2025
ಸಾರ್ವಜನಿಕ ಪ್ರಕಟಣೆ
ವಾದಿಯವರು ಈ ದಾವೆಯನ್ನು ತಮ್ಮ ವಿರುದ್ಧ ಹೂಡಿದ್ದು, ಮುಂದಿನ ದಿನಾಂಕದಂದು ಖುದ್ದಾಗಿ ಅಥವಾ ವಕೀಲರ ಮೂಲಕ ಹಾಜರಾಗಲು ಸೂಚಿಸಲಾಗಿದೆ. ತಪ್ಪಿದಲ್ಲಿ ಏಕಪಕ್ಷೀಯವಾಗಿ ತೀರ್ಮಾನಿಸಲಾಗುವುದು.
ವಾದಿಯವರು ಈ ದಾವೆಯನ್ನು ತಮ್ಮ ವಿರುದ್ಧ ಹೂಡಿದ್ದು, ಮುಂದಿನ ದಿನಾಂಕದಂದು ಖುದ್ದಾಗಿ ಅಥವಾ ವಕೀಲರ ಮೂಲಕ ಹಾಜರಾಗಲು ಸೂಚಿಸಲಾಗಿದೆ. ತಪ್ಪಿದಲ್ಲಿ ಏಕಪಕ್ಷೀಯವಾಗಿ ತೀರ್ಮಾನಿಸಲಾಗುವುದು.
ವಾದಿಯವರು ಈ ದಾವೆಯನ್ನು ತಮ್ಮ ವಿರುದ್ಧ ಹೂಡಿದ್ದು, ಮುಂದಿನ ದಿನಾಂಕದಂದು ಖುದ್ದಾಗಿ ಅಥವಾ ವಕೀಲರ ಮೂಲಕ ಹಾಜರಾಗಲು ಸೂಚಿಸಲಾಗಿದೆ. ತಪ್ಪಿದಲ್ಲಿ ಏಕಪಕ್ಷೀಯವಾಗಿ ತೀರ್ಮಾನಿಸಲಾಗುವುದು.
ವಾದಿಯವರು ಈ ದಾವೆಯನ್ನು ತಮ್ಮ ವಿರುದ್ಧ ಹೂಡಿದ್ದು, ಮುಂದಿನ ದಿನಾಂಕದಂದು ಖುದ್ದಾಗಿ ಅಥವಾ ವಕೀಲರ ಮೂಲಕ ಹಾಜರಾಗಲು ಸೂಚಿಸಲಾಗಿದೆ. ತಪ್ಪಿದಲ್ಲಿ ಏಕಪಕ್ಷೀಯವಾಗಿ ತೀರ್ಮಾನಿಸಲಾಗುವುದು.
ವಾದಿಯವರು ಈ ದಾವೆಯನ್ನು ತಮ್ಮ ವಿರುದ್ಧ ಹೂಡಿದ್ದು, ಮುಂದಿನ ದಿನಾಂಕದಂದು ಖುದ್ದಾಗಿ ಅಥವಾ ವಕೀಲರ ಮೂಲಕ ಹಾಜರಾಗಲು ಸೂಚಿಸಲಾಗಿದೆ. ತಪ್ಪಿದಲ್ಲಿ ಏಕಪಕ್ಷೀಯವಾಗಿ ತೀರ್ಮಾನಿಸಲಾಗುವುದು.
ವಾದಿಯವರು ಈ ದಾವೆಯನ್ನು ತಮ್ಮ ವಿರುದ್ಧ ಹೂಡಿದ್ದು, ಮುಂದಿನ ದಿನಾಂಕದಂದು ಖುದ್ದಾಗಿ ಅಥವಾ ವಕೀಲರ ಮೂಲಕ ಹಾಜರಾಗಲು ಸೂಚಿಸಲಾಗಿದೆ. ತಪ್ಪಿದಲ್ಲಿ ಏಕಪಕ್ಷೀಯವಾಗಿ ತೀರ್ಮಾನಿಸಲಾಗುವುದು.
ವಾದಿಯವರು ಈ ದಾವೆಯನ್ನು ತಮ್ಮ ವಿರುದ್ಧ ಹೂಡಿದ್ದು, ಮುಂದಿನ ದಿನಾಂಕದಂದು ಖುದ್ದಾಗಿ ಅಥವಾ ವಕೀಲರ ಮೂಲಕ ಹಾಜರಾಗಲು ಸೂಚಿಸಲಾಗಿದೆ. ತಪ್ಪಿದಲ್ಲಿ ಏಕಪಕ್ಷೀಯವಾಗಿ ತೀರ್ಮಾನಿಸಲಾಗುವುದು.
ಸಹಿ/- ಸಹಾಯಕ ಮುಖ್ಯ ಆಡಳಿತಾಧಿಕಾರಿ
ತೋಟ ಉತ್ಪನ್ನಗಳ ಮಾರಾಟ ಸಹಕಾರ ಸಂಘ ನಿ., ಚನ್ನಗಿರಿ
ಚನ್ನಗಿರಿ-577213, ದಾವಣಗೆರೆ ಜಿಲ್ಲೆ, ದೂರವಾಣಿ ಸಂ: 08189-228113
ತೋ.ಉ.ಮಾ.ಸ.ಸಂ./ಟಿಎಂಸಿ/ಟೆಂ/2025-26	ದಿನಾಂಕ:13-08-2025
ಟೆಂಡರ್ ಪ್ರಕಟಣೆ
ಸಂಘದ ಗೋದಾಮಿನ ಮೇಲ್ಛಾವಣಿ ಮೇಲೆ 29KW ಸಾಮರ್ಥ್ಯದ ಸೋಲಾರ್ ರೂಫ್ ಟಾಪ್ ಘಟಕ ಅಳವಡಿಸುವ ಕಾಮಗಾರಿಗೆ ಅರ್ಹ ಗುತ್ತಿಗೆದಾರರಿಂದ ಇ-ಪ್ರೊಕ್ಯೂರ್‌ಮೆಂಟ್ ಮೂಲಕ ಟೆಂಡರ್ ಆಹ್ವಾನಿಸಲಾಗಿದೆ.
TUMCOS/2025-26/WORKS/GOODS/1
SUPPLY AND INSTALLATION OF SOLAR ROOFTOP PROJECT FOR TUMCOS AT CHANNAGIRI
ಇ.ಎಂ.ಡಿ: ರೂ. 1,00,000/-
ಅಂದಾಜು ಮೊತ್ತ ರೂ. 17,490 33006
www.tumcos.com
ಟೆಂಡರ್ ಸಲ್ಲಿಸಲು ಕೊನೆಯ ದಿನಾಂಕ: 30-08-2025
ಸಹಿ/- ಪ್ರಧಾನ ವ್ಯವಸ್ಥಾಪಕರು, ತುಮ್‌ಕೋಸ್ ಲಿ., ಚನ್ನಗಿರಿ
KNNL	ಕರ್ನಾಟಕ ನೀರಾವರಿ ನಿಗಮ ನಿಯಮಿತ
(ಕರ್ನಾಟಕ ಸರ್ಕಾರದ ಉದ್ಯಮ)
ಕಾರ್ಯನಿರ್ವಾಹಕ ಅಭಿಯಂತರರು, ಕರ್ನಾಟಕ ನೀರಾವರಿ ನಿಗಮ ನಿಯಮಿತ, ಮಲಪ್ರಭಾ ಯೋಜನೆ ವಿಭಾಗ ನಂ.4, ನವಿಲುತೀರ್ಥ, ಮುನವಳ್ಳಿ.
Phone No:08380-229248
Fax No:08380-229017, E-mail: knnl.mrbcc4@gmail.com
ಸಂಖ್ಯೆ: ಕನೀನಿನಿ/ಮಯೋ/ವಿ.ನಂ-4/ಎಸ್ಎಸ್/2025-26/507	ದಿನಾಂಕ: 14-08-2025
ಕೊಟೇಶನ್ ದರಗಳನ್ನು ಆಹ್ವಾನಿಸುವ ಪ್ರಕಟಣೆ
ಕಾರ್ಯನಿರ್ವಾಹಕ ಅಭಿಯಂತರರು, ಕರ್ನಾಟಕ ನೀರಾವರಿ ನಿಗಮ ನಿಯಮಿತ, ಮಲಪ್ರಭಾ ಯೋಜನೆ ವಿಭಾಗ ನಂ.4, ನವಿಲುತೀರ್ಥ ಇವರು ಅರ್ಹ ಸಲಹೆಗಾರರಿಂದ ಕೊಟೇಶನ್ ದರಗಳನ್ನು ಆಹ್ವಾನಿಸಿದೆ.
Scope of Work: "Consultancy services for Preparation of Detailed Project Report as per the CWC Guidelines for Preparation of DPR for Flood management works for Flood Control and Flood Management of Bennihalla up to confluence of Malaprabha River and Liaisoning with various directorates of CWC for approval of Detailed Project Report."
Sl.No.	Item Name	Unit
1	Collection of all necessary data such as, relevant topo sheets of the area, details of Bennihalla, reports and other details, etc complete as directed by Engineer-in-Charge.	Job
2	Detailed study of the Socio-economic impact and capacity building of habitation due to implementation of the project in the Bennihalla Basin, complete as per directions & guidelines of CWC and as directed by Engineer-in-Charge.	Job
3	Calculation of Benefit Cost Ratio of the Project as per the CWC "Guidelines for Preparation of DPR for Flood management works"	Job
4	Preparation of Detailed Project Report as per the CWC "Guidelines for Preparation of DPR for Flood management works Chapter wise 1.Foreword, 2.Salient Features, 3.Executive Summary, 4.Prioritization of the Schemes, 5.Hydrology, 6.Design of works, 7.Abstract of Cost, 8.Benefit Cost Ratio, 9.Construction Plan and as directed by Engineer-in-Charge	Job
5	Detailed Study of the Hydrology of the Bennihalla Basin, Design Flood Computations, Flood Frequency analysis as per CWC handbook "Flood Protection, Anti erosion and River Training Works" -2012 complete as per directions & guidelines of CWC and as directed by Engineer-in-Charge.	Job
6	Preparation of required no. sets of hand copies in bound volumes and submitting to the Central Water Commission for scrutiny at various Directorates. complete as directed by Engineer-in-Charge.	Job
7	Liaisoning with various Directorates viz., approval of Detailed Project Report Finance Management, Cost Appraisal, Hydrology, Planning etc., for attending technical observations and to obtain approval of each Directorate etc., complete as directed by Engineer-in-Charge.	Job
8	Preparation of Final DPR based on approval of various Directorates for final investment clearance, etc. complete as directed by Engineer-in-Charge.	Job
9	Submission of 10 sets of hardcopies and 2 sets of soft copies for record purpose after approval of DPR from CWC. complete as directed by Engineer-in-Charge.	Job
Note: G.S.T shall be mentioned separately.
ಕೊಟೇಶನ್ ಸಲ್ಲಿಸಲು ಕೊನೆಯ ದಿನಾಂಕ: 24-08-2025 ರಂದು 5.30 pm ವರೆಗೆ ಕಾರ್ಯನಿರ್ವಾಹಕ ಅಭಿಯಂತರರು, ಕನೀನಿನಿ, ಮಯೋ ವಿಭಾಗ ನಂ.4, ನವಿಲುತೀರ್ಥ ಇವರ ಕಚೇರಿಗೆ ಸಲ್ಲಿಸಬೇಕು.
E-Mail:knnl.mrbcc4@gmail.com
ಸಹಿ/- ಕಾರ್ಯನಿರ್ವಾಹಕ ಇಂಜಿನೀಯರು, ಕನೀನಿನಿ, ಮಯೋ ವಿಭಾಗ ನಂ.4, ನವಿಲುತೀರ್ಥ
ಕಾರ್ಯಪಾಲಕ ಇಂಜಿನಿಯರ್, ಸಣ್ಣ ನೀರಾವರಿ ಮತ್ತು ಅಂತರ್ಜಲ ಅಭಿವೃದ್ಧಿ ವಿಭಾಗ ಕಛೇರಿ, ಕಾಶಿಪುರ ವೃತ್ತ, ಶಿವಮೊಗ್ಗ-577204
ಸೆಕ್ಷನ್ 1: ಅಲ್ಪಾವಧಿ ಟೆಂಡರ್ ಪ್ರಕಟಣೆ (ಇ-ಪ್ರೊಕ್ಯೂರ್‌ಮೆಂಟ್)-ಕರೆಯ್ಯ - 1/2/3
ಶಿ.ಎಸ್.ಸಂ: 13/2025-26	ದಿನಾಂಕ: 13.08.2025
ಕಾರ್ಯಪಾಲಕ ಇಂಜಿನಿಯರ್, ಸಣ್ಣ ನೀರಾವರಿ ಮತ್ತು ಅಂತರ್ಜಲ ಅಭಿವೃದ್ಧಿ ವಿಭಾಗ, ಶಿವಮೊಗ್ಗ ಇವರು ಶಿವಮೊಗ್ಗ ಜಿಲ್ಲೆಯ ಕಾಮಗಾರಿಗಳಿಗೆ ಇ-ಪ್ರೊಕ್ಯೂರ್‌ಮೆಂಟ್ ಮೂಲಕ ಅಲ್ಪಾವಧಿ ಟೆಂಡರ್ ಆಹ್ವಾನಿಸಿದ್ದಾರೆ. ಅಂದಾಜು ಮೊತ್ತ ರೂ.50.76 ಲಕ್ಷಗಳು. ಹೆಚ್ಚಿನ ವಿವರಗಳಿಗೆ https://kppp.karnataka.gov.in ರಲ್ಲಿ ನೋಡಬಹುದು. ಟೆಂಡರ್ ಸಲ್ಲಿಸಲು ಕೊನೆಯ ದಿನಾಂಕ 20.08.2025, 17:00 ಘಂಟೆ.
ಸಹಿ/- ಕಾರ್ಯಪಾಲಕ ಇಂಜಿನಿಯರ್, ಸಣ್ಣ ನೀರಾವರಿ ಮತ್ತು ಅಂತರ್ಜಲ ಅಭಿವೃದ್ಧಿ ವಿಭಾಗ, ಶಿವಮೊಗ್ಗ
ವಿಶ್ವೇಶ್ವರಯ್ಯ ಜಲ ನಿಗಮ ನಿಯಮಿತ
(ಕರ್ನಾಟಕ ಸರ್ಕಾರದ ಉದ್ಯಮ)
ಕಾರ್ಯಪಾಲಕ ಇಂಜಿನಿಯರ್ ರವರ ಕಛೇರಿ, ವಿಜನಿನಿ, ಎತ್ತಿನಹೊಳೆ ಯೋಜನಾ ವಿಭಾಗ ನಂ.3, ಅರಸೀಕೆರೆ, ಹಾಸನ ಜಿಲ್ಲೆ.
ಸಂಖ್ಯೆ: ಕಾಇಂ/ಎಯೋವಿ-3/ಆರ್ಎಸ್/ಟೆಂ/2025-26/627	ದಿನಾಂಕ:12.08.2025
ಟೆಂಡರ್ ಪ್ರಕಟಣೆ ಸಂಖ್ಯೆ:06/2025-26/627 ದಿ:12.08.2025 (ದ್ವಿ-ಲಕೋಟೆ ಪದ್ಧತಿಯಲ್ಲಿ ಇ-ಪ್ರೊಕ್ಯೂರ್‌ಮೆಂಟ್ ಪೋರ್ಟಲ್ ಮೂಲಕ ಮಾತ್ರ)
ಕಾರ್ಯಪಾಲಕ ಇಂಜಿನಿಯರ್, ವಿಜನಿನಿ, ಎತ್ತಿನಹೊಳೆ ಯೋಜನಾ ವಿಭಾಗ ನಂ.3, ಅರಸೀಕೆರೆ ರವರು ಕರ್ನಾಟಕ ಸರ್ಕಾರದ ಲೋಕೋಪಯೋಗಿ ಇಲಾಖೆಯಲ್ಲಿ ನೋಂದಾಯಿಸಿರುವ ಅರ್ಹ ಗುತ್ತಿಗೆದಾರರಿಂದ ಟೆಂಡರ್ ಆಹ್ವಾನಿಸಿದೆ. ಟೆಂಡರ್ ಸಂಖ್ಯೆ: VJNL/2025-26/ RD / WORK_INDENT 410, 411, 412, 413, 414, 415, 416, 417, 418, 419 and 420 ರನ್ನು ಇ-ಪ್ರೊಕ್ಯೂರ್‌ಮೆಂಟ್ ವೆಬ್‌ಸೈಟ್ http://kppp.karnataka.gov.in ನಲ್ಲಿ ನೋಡಬಹುದು. ಬಿಡ್ ಸಲ್ಲಿಸಲು ಕೊನೆಯ ದಿನಾಂಕ 19.08.2025.
ದೂರವಾಣಿ ಸಂಖ್ಯೆ:08174-233111 e-mail: eeypd3ask@gmail.com
ಸಹಿ/- ಕಾರ್ಯಪಾಲಕ ಇಂಜಿನಿಯರ್, ವಿಜನಿನಿ, ಎತ್ತಿನಹೊಳೆ ಯೋಜನಾ ವಿಭಾಗ, ನಂ.3 ಅರಸೀಕೆರೆ
KSDA
ಸಹಾಯಕ ಕೃಷಿ ನಿರ್ದೇಶಕರ ಕಛೇರಿ, ಬೆಂಗಳೂರು ಉತ್ತರ ತಾಲ್ಲೂಕು
ಯಲಹಂಕ, ಬೆಂಗಳೂರು-560064, ದೂರವಾಣಿ: 080-28461675
ಇ-ಮೇಲ್: adabngnorth@gmail.com
ಸಂ: ಸಕೃನಿ/ಬೆಂಉತಾ/ಟೆಂಡರ್/2025-26	ದಿನಾಂಕ: 13.08.2025
ಅಲ್ಪಾವಧಿ ಟೆಂಡರ್ ಪ್ರಕಟಣೆ
ಸಹಾಯಕ ಕೃಷಿ ನಿರ್ದೇಶಕರು, ಬೆಂಗಳೂರು ಉತ್ತರ ತಾಲ್ಲೂಕು ಇವರ ವ್ಯಾಪ್ತಿಯಲ್ಲಿ ಬರುವ ರೈತ ಸಂಪರ್ಕ ಕೇಂದ್ರಗಳಿಗೆ ಸರಬರಾಜು ಮಾಡಲು ಅರ್ಹ ಸರಬರಾಜುದಾರರಿಂದ ದರಪಟ್ಟಿ ಆಹ್ವಾನಿಸಲಾಗಿದೆ. ದಿನಾಂಕ: 25.08.2025 ರವರೆಗೆ ರೂ.115/- ಗಳನ್ನು ಪಾವತಿಸಿ ಟೆಂಡರ್ ದಾಖಲೆ ಪಡೆಯಬಹುದು. ಟೆಂಡರ್ ಸಲ್ಲಿಸಲು ಕೊನೆಯ ದಿನಾಂಕ 26.08.2025 ರಂದು 3.30 ಗಂಟೆ.
ಹೆಚ್ಚಿನ ಮಾಹಿತಿಗಾಗಿ ದೂರವಾಣಿ ಸಂಖ್ಯೆ: 080-28461675
ಸಹಿ/- ಸಹಾಯಕ ಕೃಷಿ ನಿರ್ದೇಶಕರು, ಬೆಂಗಳೂರು ಉತ್ತರ ತಾಲ್ಲೂಕು
ಆರೋಗ್ಯ	ಆರೋಗ್ಯ ಮತ್ತು ಕುಟುಂಬ ಕಲ್ಯಾಣ ಇಲಾಖೆ
ಜಿಲ್ಲಾ ಆರೋಗ್ಯ ಮತ್ತು ಕುಟುಂಬ ಕಲ್ಯಾಣಾಧಿಕಾರಿಗಳ ಕಛೇರಿ, ಮೈಸೂರು
ದೂರವಾಣಿ: 0821-2979772 ಇ-ಮೇಲ್: khsdrp.divmys@gmail.com
ಸಂ: ಜಿಆಮಕುಕಅ/ಟೆಂ/2025-26	ದಿನಾಂಕ: 16.08.2025
ಅಲ್ಪಾವಧಿ ಟೆಂಡರ್ ಪ್ರಕಟಣೆ
ಜಿಲ್ಲಾ ಆರೋಗ್ಯ ಮತ್ತು ಕುಟುಂಬ ಕಲ್ಯಾಣಾಧಿಕಾರಿಗಳು, ಮೈಸೂರು ಇವರು ಜಿಲ್ಲೆಯ ಆರೋಗ್ಯ ಸಂಸ್ಥೆಗಳಿಗೆ ಅಗತ್ಯವಿರುವ ಸಾಮಗ್ರಿಗಳ ಸರಬರಾಜಿಗಾಗಿ ಇ-ಪ್ರೊಕ್ಯೂರ್‌ಮೆಂಟ್ ಮೂಲಕ ಟೆಂಡರ್ ಆಹ್ವಾನಿಸಿದೆ. ಅಂದಾಜು ಮೊತ್ತ ರೂ.54.13 ಲಕ್ಷಗಳು.
ಟೆಂಡರ್ ಪ್ರಕ್ರಿಯೆ ಪ್ರಾರಂಭ: 29.08.2025 ರಂದು ಟೆಂಡರ್ ತೆರೆಯುವ ದಿನಾಂಕ: 30.08.2025 ರಂದು 16.30 ಗಂಟೆಗೆ
ಸೂಚನೆ: 1) ಈ ಕಛೇರಿಯು ಸರಬರಾಜುದಾರರಿಗೆ ಯಾವುದೇ ಕಾರಣ ನೀಡದೇ ಟೆಂಡರ್ ಅನ್ನು ರದ್ದುಪಡಿಸುವ ಹಕ್ಕನ್ನು ಕಾಯ್ದಿರಿಸಿದೆ.
ಸಹಿ/- ಜಿಲ್ಲಾ ಆರೋಗ್ಯ ಮತ್ತು ಕುಟುಂಬ ಕಲ್ಯಾಣಾಧಿಕಾರಿ
